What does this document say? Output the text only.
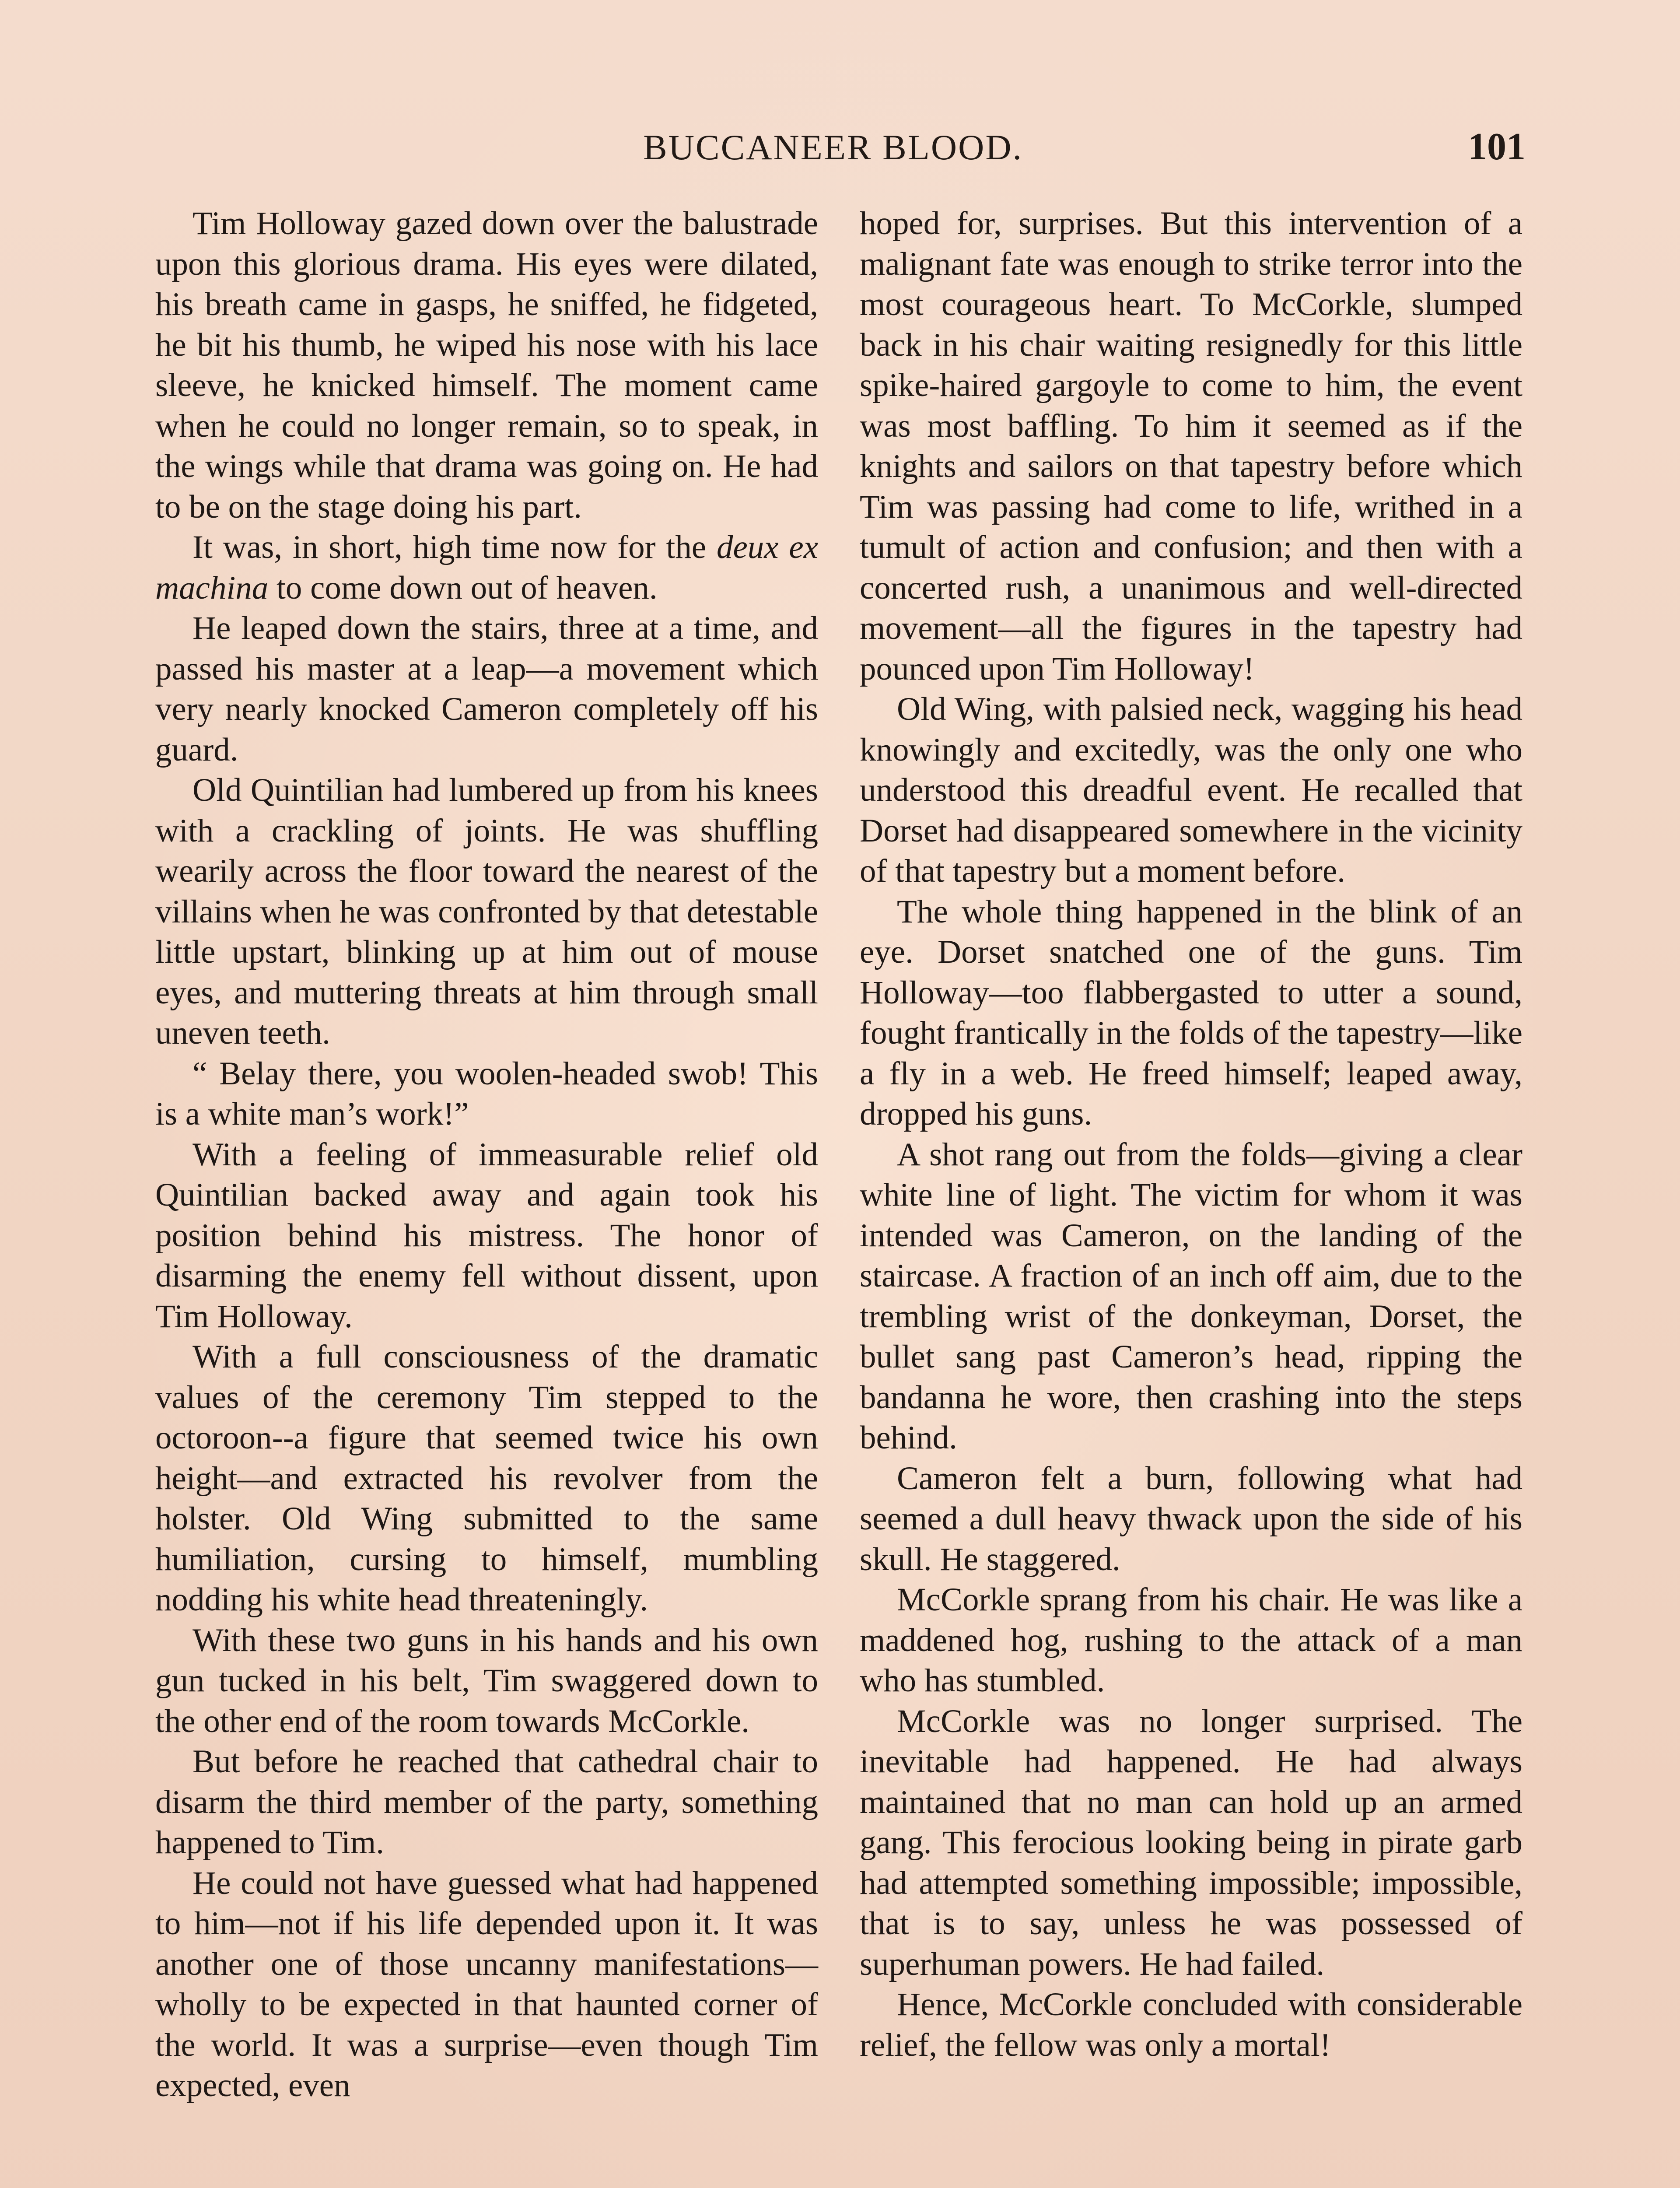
BUCCANEER BLOOD.	101

Tim Holloway gazed down over the balustrade upon this glorious drama. His eyes were dilated, his breath came in gasps, he sniffed, he fidgeted, he bit his thumb, he wiped his nose with his lace sleeve, he knicked himself. The moment came when he could no longer remain, so to speak, in the wings while that drama was going on. He had to be on the stage doing his part.

It was, in short, high time now for the deux ex machina to come down out of heaven.

He leaped down the stairs, three at a time, and passed his master at a leap—a movement which very nearly knocked Cameron completely off his guard.

Old Quintilian had lumbered up from his knees with a crackling of joints. He was shuffling wearily across the floor toward the nearest of the villains when he was confronted by that detestable little upstart, blinking up at him out of mouse eyes, and muttering threats at him through small uneven teeth.

“ Belay there, you woolen-headed swob! This is a white man’s work!”

With a feeling of immeasurable relief old Quintilian backed away and again took his position behind his mistress. The honor of disarming the enemy fell without dissent, upon Tim Holloway.

With a full consciousness of the dramatic values of the ceremony Tim stepped to the octoroon--a figure that seemed twice his own height—and extracted his revolver from the holster. Old Wing submitted to the same humiliation, cursing to himself, mumbling nodding his white head threateningly.

With these two guns in his hands and his own gun tucked in his belt, Tim swaggered down to the other end of the room towards McCorkle.

But before he reached that cathedral chair to disarm the third member of the party, something happened to Tim.

He could not have guessed what had happened to him—not if his life depended upon it. It was another one of those uncanny manifestations—wholly to be expected in that haunted corner of the world. It was a surprise—even though Tim expected, even

hoped for, surprises. But this intervention of a malignant fate was enough to strike terror into the most courageous heart. To McCorkle, slumped back in his chair waiting resignedly for this little spike-haired gargoyle to come to him, the event was most baffling. To him it seemed as if the knights and sailors on that tapestry before which Tim was passing had come to life, writhed in a tumult of action and confusion; and then with a concerted rush, a unanimous and well-directed movement—all the figures in the tapestry had pounced upon Tim Holloway!

Old Wing, with palsied neck, wagging his head knowingly and excitedly, was the only one who understood this dreadful event. He recalled that Dorset had disappeared somewhere in the vicinity of that tapestry but a moment before.

The whole thing happened in the blink of an eye. Dorset snatched one of the guns. Tim Holloway—too flabbergasted to utter a sound, fought frantically in the folds of the tapestry—like a fly in a web. He freed himself; leaped away, dropped his guns.

A shot rang out from the folds—giving a clear white line of light. The victim for whom it was intended was Cameron, on the landing of the staircase. A fraction of an inch off aim, due to the trembling wrist of the donkeyman, Dorset, the bullet sang past Cameron’s head, ripping the bandanna he wore, then crashing into the steps behind.

Cameron felt a burn, following what had seemed a dull heavy thwack upon the side of his skull. He staggered.

McCorkle sprang from his chair. He was like a maddened hog, rushing to the attack of a man who has stumbled.

McCorkle was no longer surprised. The inevitable had happened. He had always maintained that no man can hold up an armed gang. This ferocious looking being in pirate garb had attempted something impossible; impossible, that is to say, unless he was possessed of superhuman powers. He had failed.

Hence, McCorkle concluded with considerable relief, the fellow was only a mortal!
